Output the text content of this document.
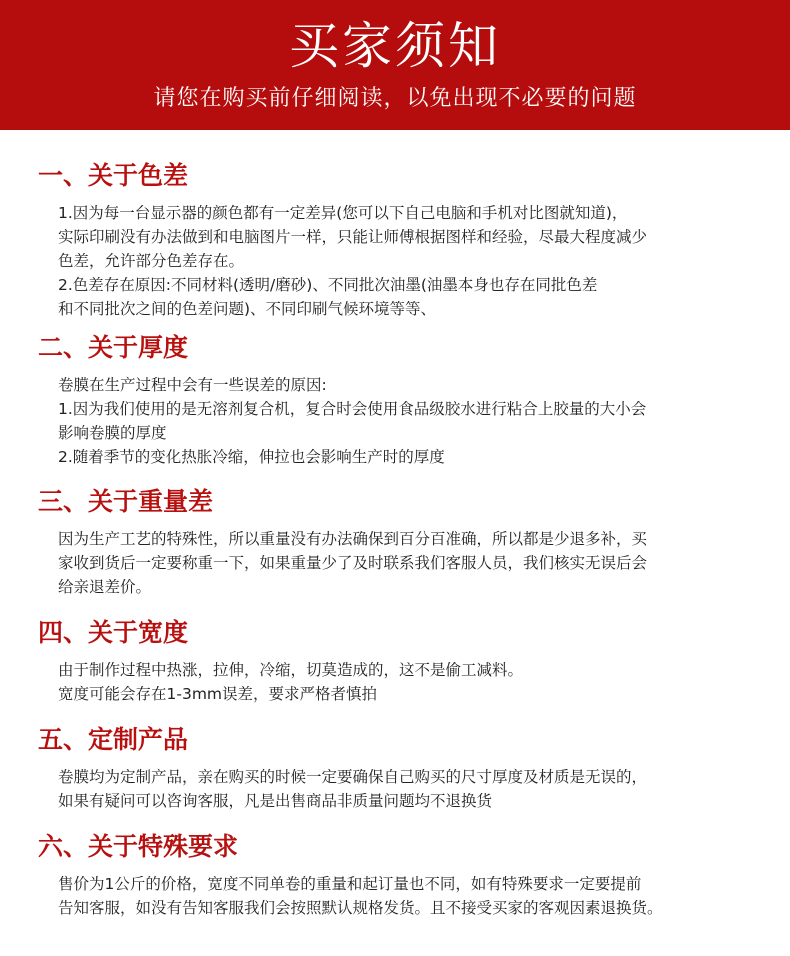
买家须知
请您在购买前仔细阅读，以免出现不必要的问题
一、关于色差
1.因为每一台显示器的颜色都有一定差异(您可以下自己电脑和手机对比图就知道)，
实际印刷没有办法做到和电脑图片一样，只能让师傅根据图样和经验，尽最大程度减少
色差，允许部分色差存在。
2.色差存在原因:不同材料(透明/磨砂)、不同批次油墨(油墨本身也存在同批色差
和不同批次之间的色差问题)、不同印刷气候环境等等、
二、关于厚度
卷膜在生产过程中会有一些误差的原因:
1.因为我们使用的是无溶剂复合机，复合时会使用食品级胶水进行粘合上胶量的大小会
影响卷膜的厚度
2.随着季节的变化热胀冷缩，伸拉也会影响生产时的厚度
三、关于重量差
因为生产工艺的特殊性，所以重量没有办法确保到百分百准确，所以都是少退多补，买
家收到货后一定要称重一下，如果重量少了及时联系我们客服人员，我们核实无误后会
给亲退差价。
四、关于宽度
由于制作过程中热涨，拉伸，冷缩，切莫造成的，这不是偷工减料。
宽度可能会存在1-3mm误差，要求严格者慎拍
五、定制产品
卷膜均为定制产品，亲在购买的时候一定要确保自己购买的尺寸厚度及材质是无误的，
如果有疑问可以咨询客服，凡是出售商品非质量问题均不退换货
六、关于特殊要求
售价为1公斤的价格，宽度不同单卷的重量和起订量也不同，如有特殊要求一定要提前
告知客服，如没有告知客服我们会按照默认规格发货。且不接受买家的客观因素退换货。
